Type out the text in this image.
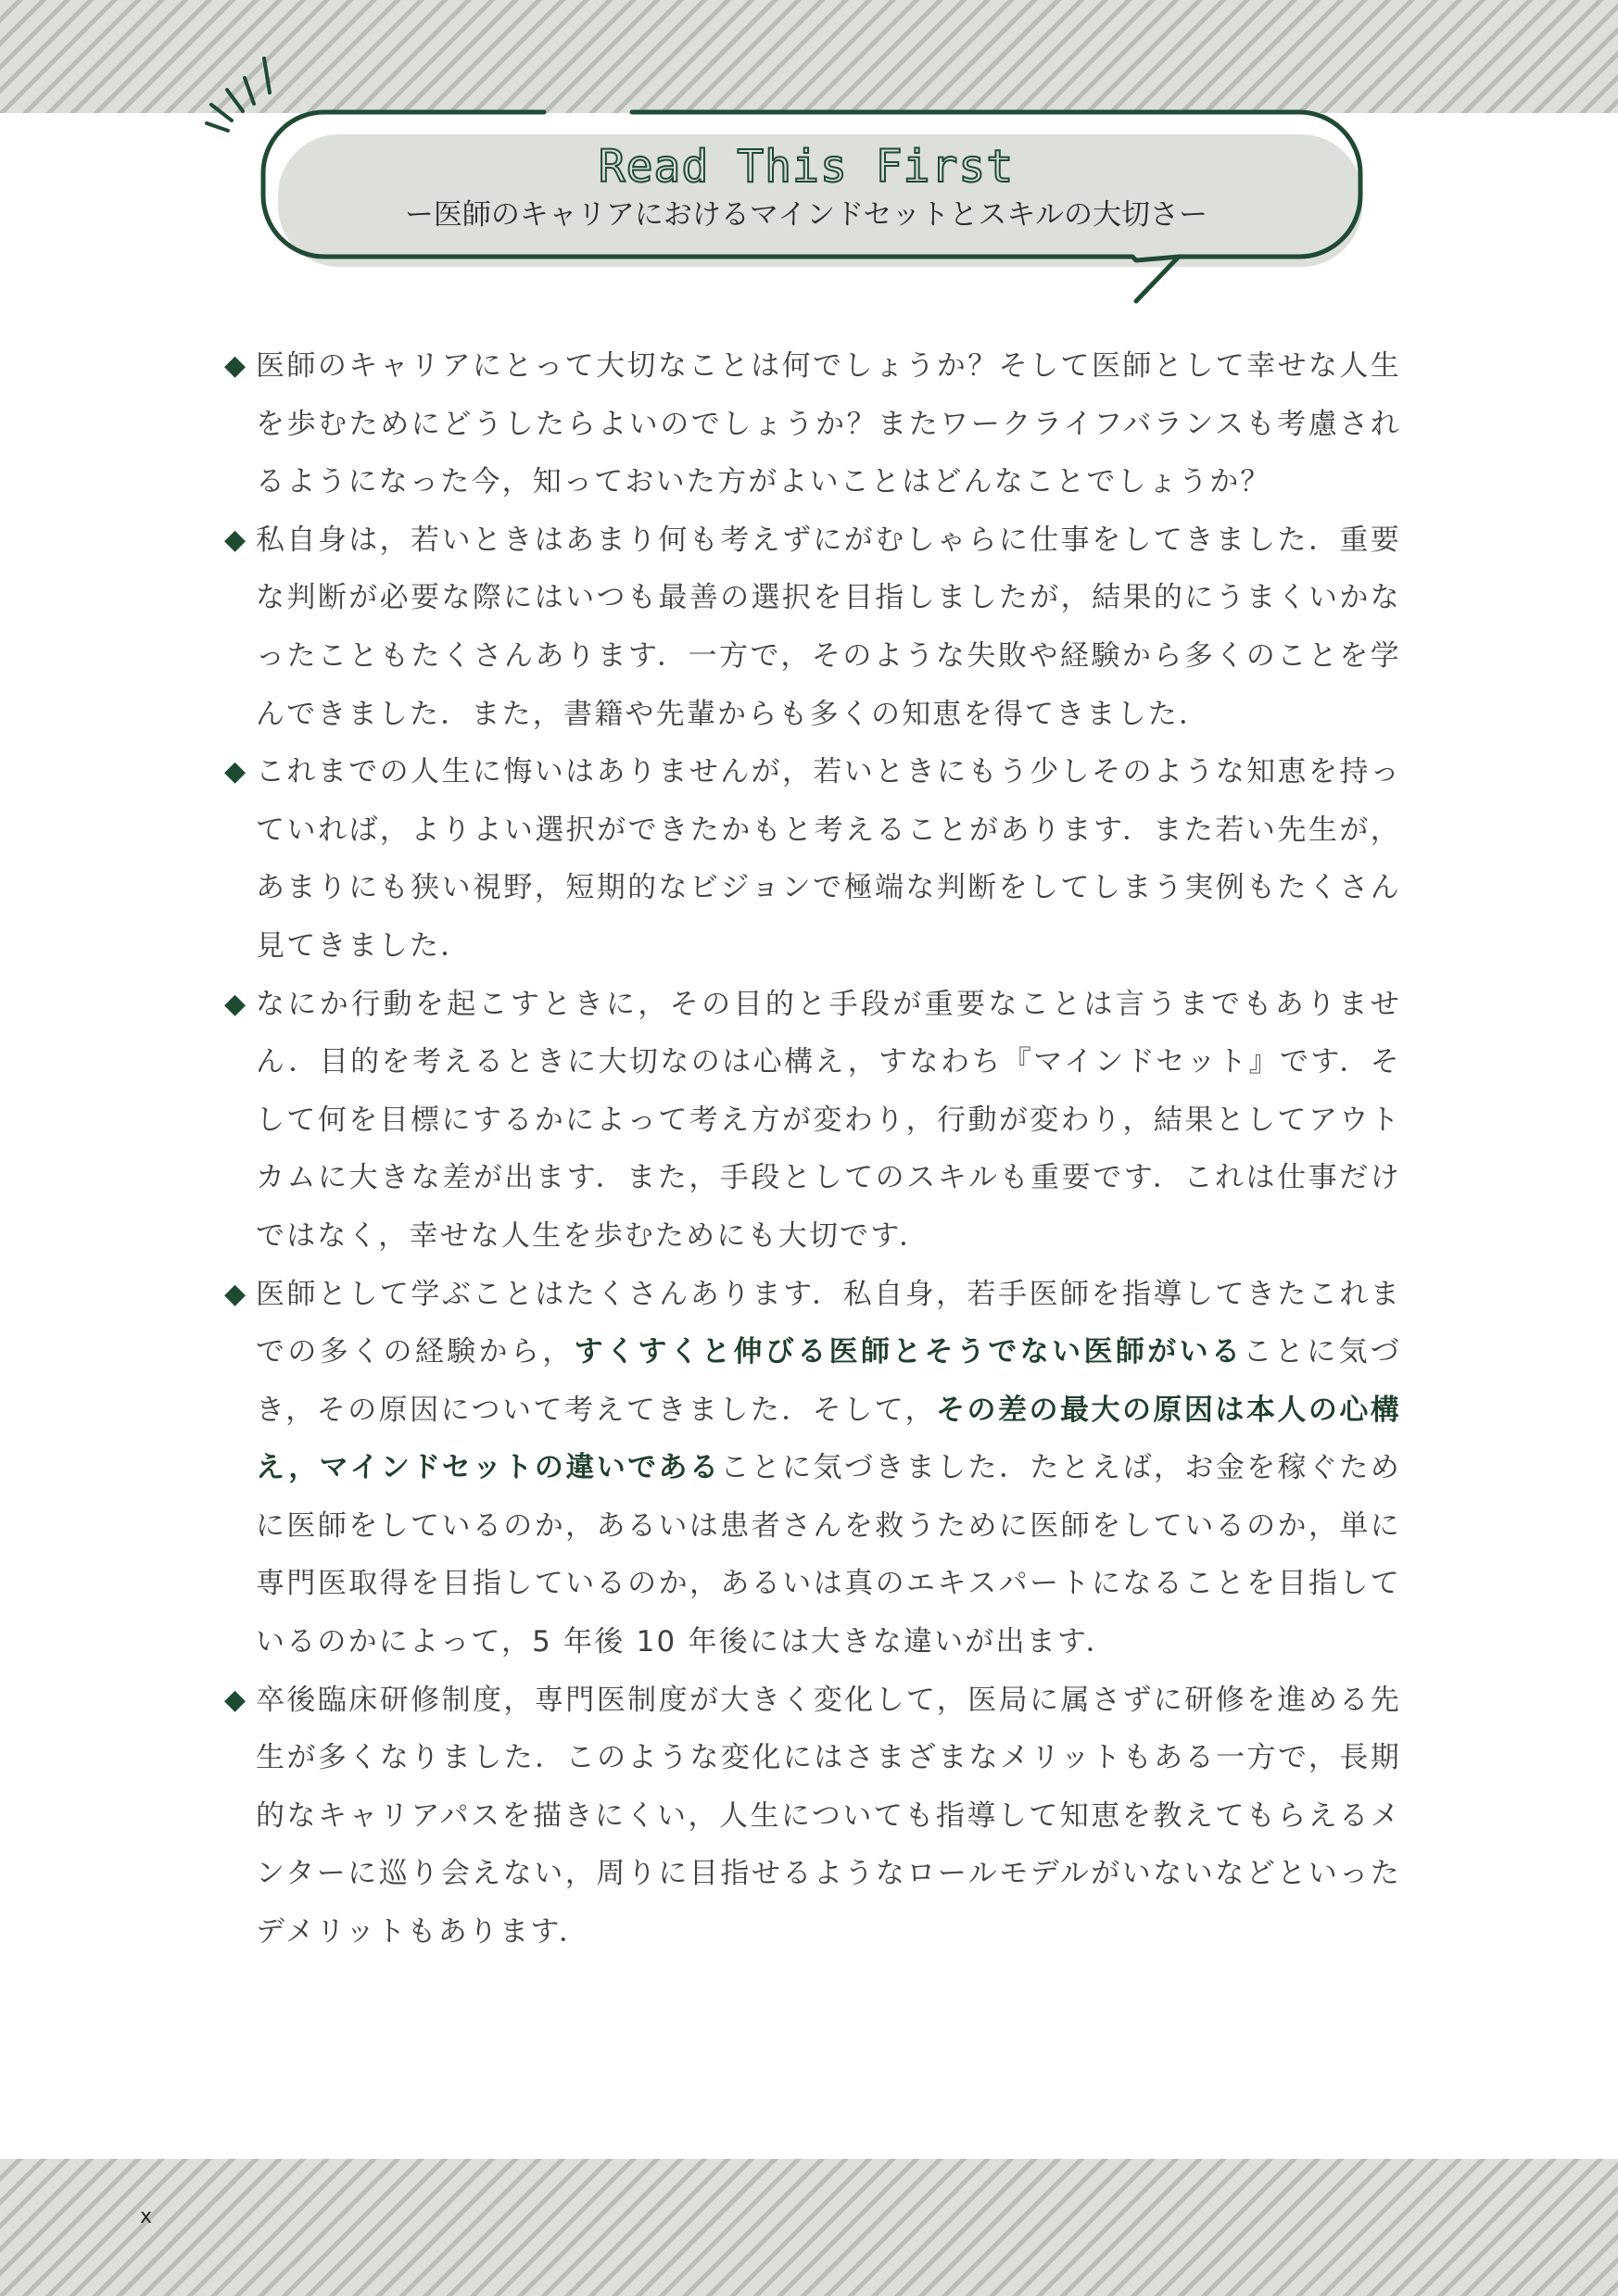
Read This First
ー医師のキャリアにおけるマインドセットとスキルの大切さー
◆ 医師のキャリアにとって大切なことは何でしょうか？そして医師として幸せな人生を歩むためにどうしたらよいのでしょうか？またワークライフバランスも考慮されるようになった今，知っておいた方がよいことはどんなことでしょうか？
◆ 私自身は，若いときはあまり何も考えずにがむしゃらに仕事をしてきました．重要な判断が必要な際にはいつも最善の選択を目指しましたが，結果的にうまくいかなったこともたくさんあります．一方で，そのような失敗や経験から多くのことを学んできました．また，書籍や先輩からも多くの知恵を得てきました．
◆ これまでの人生に悔いはありませんが，若いときにもう少しそのような知恵を持っていれば，よりよい選択ができたかもと考えることがあります．また若い先生が，あまりにも狭い視野，短期的なビジョンで極端な判断をしてしまう実例もたくさん見てきました．
◆ なにか行動を起こすときに，その目的と手段が重要なことは言うまでもありません．目的を考えるときに大切なのは心構え，すなわち『マインドセット』です．そして何を目標にするかによって考え方が変わり，行動が変わり，結果としてアウトカムに大きな差が出ます．また，手段としてのスキルも重要です．これは仕事だけではなく，幸せな人生を歩むためにも大切です．
◆ 医師として学ぶことはたくさんあります．私自身，若手医師を指導してきたこれまでの多くの経験から，すくすくと伸びる医師とそうでない医師がいることに気づき，その原因について考えてきました．そして，その差の最大の原因は本人の心構え，マインドセットの違いであることに気づきました．たとえば，お金を稼ぐために医師をしているのか，あるいは患者さんを救うために医師をしているのか，単に専門医取得を目指しているのか，あるいは真のエキスパートになることを目指しているのかによって，5 年後 10 年後には大きな違いが出ます．
◆ 卒後臨床研修制度，専門医制度が大きく変化して，医局に属さずに研修を進める先生が多くなりました．このような変化にはさまざまなメリットもある一方で，長期的なキャリアパスを描きにくい，人生についても指導して知恵を教えてもらえるメンターに巡り会えない，周りに目指せるようなロールモデルがいないなどといったデメリットもあります．
x
